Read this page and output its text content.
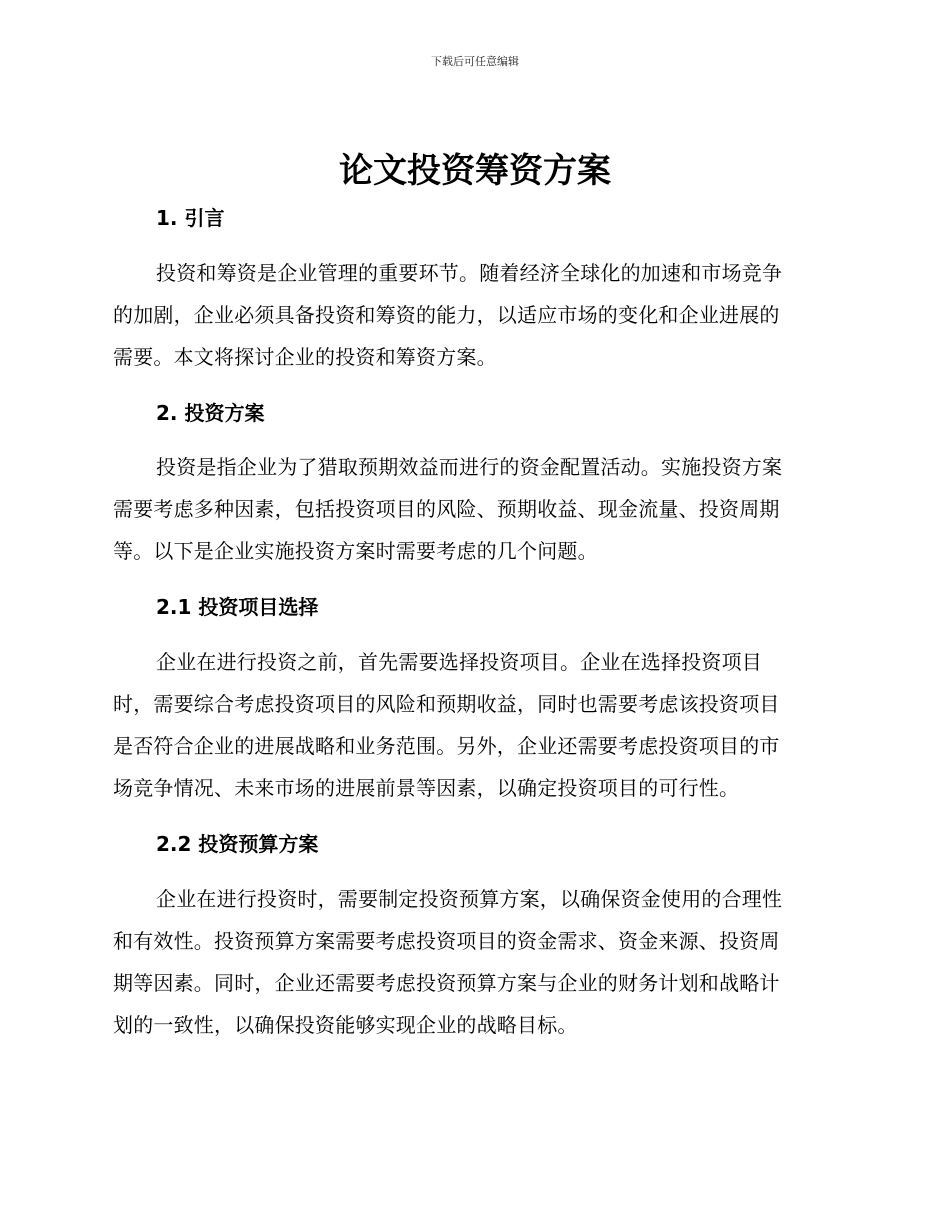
下载后可任意编辑
论文投资筹资方案
1. 引言

投资和筹资是企业管理的重要环节。随着经济全球化的加速和市场竞争
的加剧，企业必须具备投资和筹资的能力，以适应市场的变化和企业进展的
需要。本文将探讨企业的投资和筹资方案。

2. 投资方案

投资是指企业为了猎取预期效益而进行的资金配置活动。实施投资方案
需要考虑多种因素，包括投资项目的风险、预期收益、现金流量、投资周期
等。以下是企业实施投资方案时需要考虑的几个问题。

2.1 投资项目选择

企业在进行投资之前，首先需要选择投资项目。企业在选择投资项目
时，需要综合考虑投资项目的风险和预期收益，同时也需要考虑该投资项目
是否符合企业的进展战略和业务范围。另外，企业还需要考虑投资项目的市
场竞争情况、未来市场的进展前景等因素，以确定投资项目的可行性。

2.2 投资预算方案

企业在进行投资时，需要制定投资预算方案，以确保资金使用的合理性
和有效性。投资预算方案需要考虑投资项目的资金需求、资金来源、投资周
期等因素。同时，企业还需要考虑投资预算方案与企业的财务计划和战略计
划的一致性，以确保投资能够实现企业的战略目标。
